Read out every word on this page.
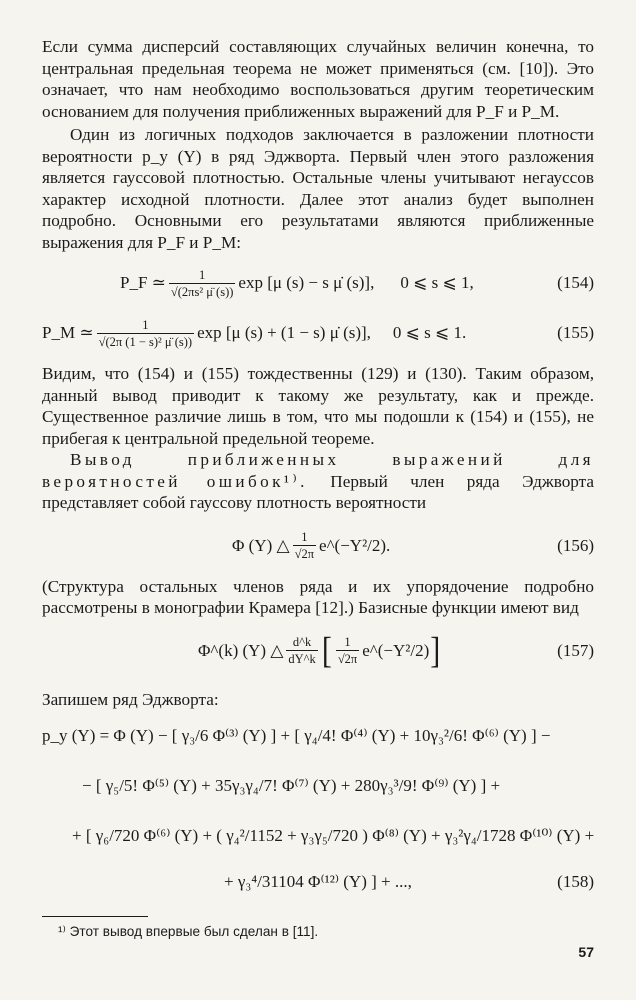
Если сумма дисперсий составляющих случайных величин конечна, то центральная предельная теорема не может применяться (см. [10]). Это означает, что нам необходимо воспользоваться другим теоретическим основанием для получения приближенных выражений для P_F и P_M.

Один из логичных подходов заключается в разложении плотности вероятности p_y (Y) в ряд Эджворта. Первый член этого разложения является гауссовой плотностью. Остальные члены учитывают негауссов характер исходной плотности. Далее этот анализ будет выполнен подробно. Основными его результатами являются приближенные выражения для P_F и P_M:

P_F ≃ $\frac{1}{\text{√(2πs² μ̈ (s))}}$ exp [μ (s) − s μ̇ (s)], 0 ⩽ s ⩽ 1,	(154)
P_M ≃ $\frac{1}{\text{√(2π (1 − s)² μ̈ (s))}}$ exp [μ (s) + (1 − s) μ̇ (s)], 0 ⩽ s ⩽ 1.	(155)

Видим, что (154) и (155) тождественны (129) и (130). Таким образом, данный вывод приводит к такому же результату, как и прежде. Существенное различие лишь в том, что мы подошли к (154) и (155), не прибегая к центральной предельной теореме.

Вывод приближенных выражений для вероятностей ошибок¹⁾. Первый член ряда Эджворта представляет собой гауссову плотность вероятности

Φ (Y) △ $\frac{1}{√2\pi}$ e^(−Y²/2).	(156)

(Структура остальных членов ряда и их упорядочение подробно рассмотрены в монографии Крамера [12].) Базисные функции имеют вид

Φ^(k) (Y) △ $\frac{d\^{}k}{dY\^{}k}$ [ $\frac{1}{√2\pi}$ e^(−Y²/2) ]	(157)

Запишем ряд Эджворта:

p_y (Y) = Φ (Y) − [ γ₃/6 Φ⁽³⁾ (Y) ] + [ γ₄/4! Φ⁽⁴⁾ (Y) + 10γ₃²/6! Φ⁽⁶⁾ (Y) ] −
− [ γ₅/5! Φ⁽⁵⁾ (Y) + 35γ₃γ₄/7! Φ⁽⁷⁾ (Y) + 280γ₃³/9! Φ⁽⁹⁾ (Y) ] +
+ [ γ₆/720 Φ⁽⁶⁾ (Y) + ( γ₄²/1152 + γ₃γ₅/720 ) Φ⁽⁸⁾ (Y) + γ₃²γ₄/1728 Φ⁽¹⁰⁾ (Y) +
+ γ₃⁴/31104 Φ⁽¹²⁾ (Y) ] + ...,	(158)
¹⁾ Этот вывод впервые был сделан в [11].
57
